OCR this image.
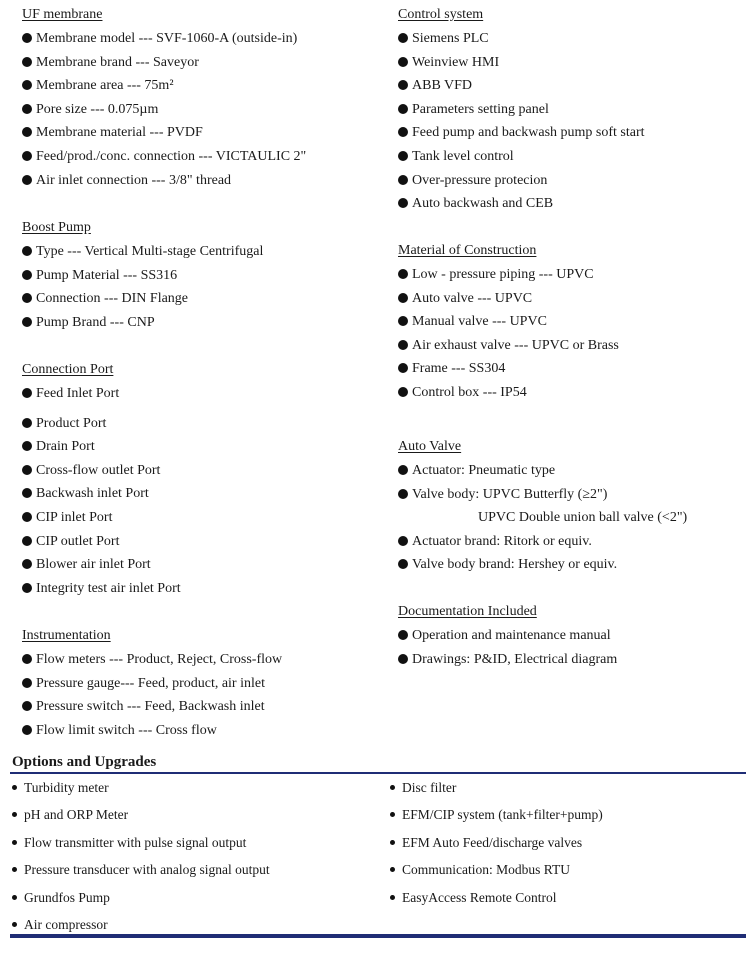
UF membrane
Membrane model --- SVF-1060-A (outside-in)
Membrane brand --- Saveyor
Membrane area --- 75m²
Pore size --- 0.075µm
Membrane material --- PVDF
Feed/prod./conc. connection --- VICTAULIC 2"
Air inlet connection --- 3/8" thread
Boost Pump
Type --- Vertical Multi-stage Centrifugal
Pump Material --- SS316
Connection --- DIN Flange
Pump Brand --- CNP
Connection Port
Feed Inlet Port
Product Port
Drain Port
Cross-flow outlet Port
Backwash inlet Port
CIP inlet Port
CIP outlet Port
Blower air inlet Port
Integrity test air inlet Port
Instrumentation
Flow meters --- Product, Reject, Cross-flow
Pressure gauge--- Feed, product, air inlet
Pressure switch --- Feed, Backwash inlet
Flow limit switch --- Cross flow
Control system
Siemens PLC
Weinview HMI
ABB VFD
Parameters setting panel
Feed pump and backwash pump soft start
Tank level control
Over-pressure protecion
Auto backwash and CEB
Material of Construction
Low - pressure piping --- UPVC
Auto valve --- UPVC
Manual valve --- UPVC
Air exhaust valve --- UPVC or Brass
Frame --- SS304
Control box --- IP54
Auto Valve
Actuator: Pneumatic type
Valve body: UPVC Butterfly (≥2")
UPVC Double union ball valve (<2")
Actuator brand: Ritork or equiv.
Valve body brand: Hershey or equiv.
Documentation Included
Operation and maintenance manual
Drawings: P&ID, Electrical diagram
Options and Upgrades
Turbidity meter
pH and ORP Meter
Flow transmitter with pulse signal output
Pressure transducer with analog signal output
Grundfos Pump
Air compressor
Disc filter
EFM/CIP system (tank+filter+pump)
EFM Auto Feed/discharge valves
Communication: Modbus RTU
EasyAccess Remote Control
